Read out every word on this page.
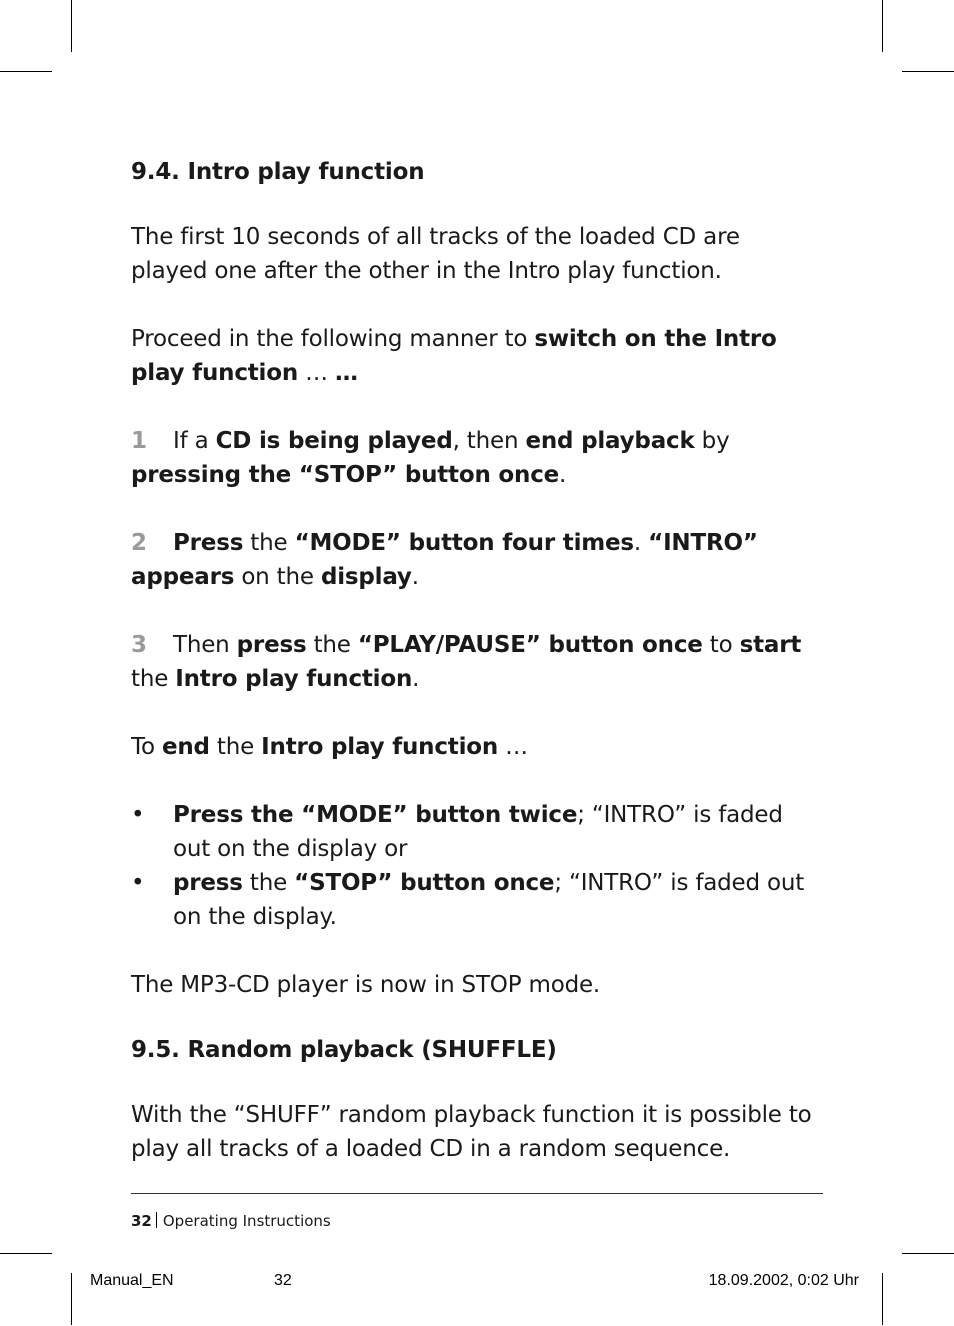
9.4. Intro play function

The first 10 seconds of all tracks of the loaded CD are played one after the other in the Intro play function.

Proceed in the following manner to switch on the Intro play function … …

1 If a CD is being played, then end playback by pressing the “STOP” button once.

2 Press the “MODE” button four times. “INTRO” appears on the display.

3 Then press the “PLAY/PAUSE” button once to start the Intro play function.

To end the Intro play function …

• Press the “MODE” button twice; “INTRO” is faded out on the display or

• press the “STOP” button once; “INTRO” is faded out on the display.

The MP3-CD player is now in STOP mode.

9.5. Random playback (SHUFFLE)

With the “SHUFF” random playback function it is possible to play all tracks of a loaded CD in a random sequence.

32 Operating Instructions
Manual_EN	32	18.09.2002, 0:02 Uhr
